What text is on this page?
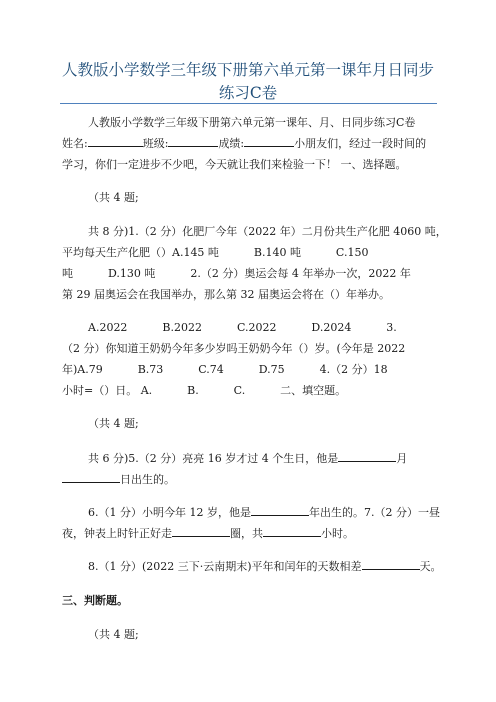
人教版小学数学三年级下册第六单元第一课年月日同步
练习C卷
人教版小学数学三年级下册第六单元第一课年、月、日同步练习C卷
姓名:	班级:	成绩:	小朋友们，经过一段时间的
学习，你们一定进步不少吧，今天就让我们来检验一下！ 一、选择题。
（共 4 题;
共 8 分)1.（2 分）化肥厂今年（2022 年）二月份共生产化肥 4060 吨，
平均每天生产化肥（）A.145 吨          B.140 吨          C.150
吨          D.130 吨          2.（2 分）奥运会每 4 年举办一次，2022 年
第 29 届奥运会在我国举办，那么第 32 届奥运会将在（）年举办。
A.2022          B.2022          C.2022          D.2024          3.
（2 分）你知道王奶奶今年多少岁吗王奶奶今年（）岁。(今年是 2022
年)A.79          B.73          C.74          D.75          4.（2 分）18
小时=（）日。 A.          B.          C.          二、填空题。
（共 4 题;
共 6 分)5.（2 分）亮亮 16 岁才过 4 个生日，他是	月
日出生的。
6.（1 分）小明今年 12 岁，他是	年出生的。7.（2 分）一昼
夜，钟表上时针正好走	圈，共	小时。
8.（1 分）(2022 三下·云南期末)平年和闰年的天数相差	天。
三、判断题。
（共 4 题;
